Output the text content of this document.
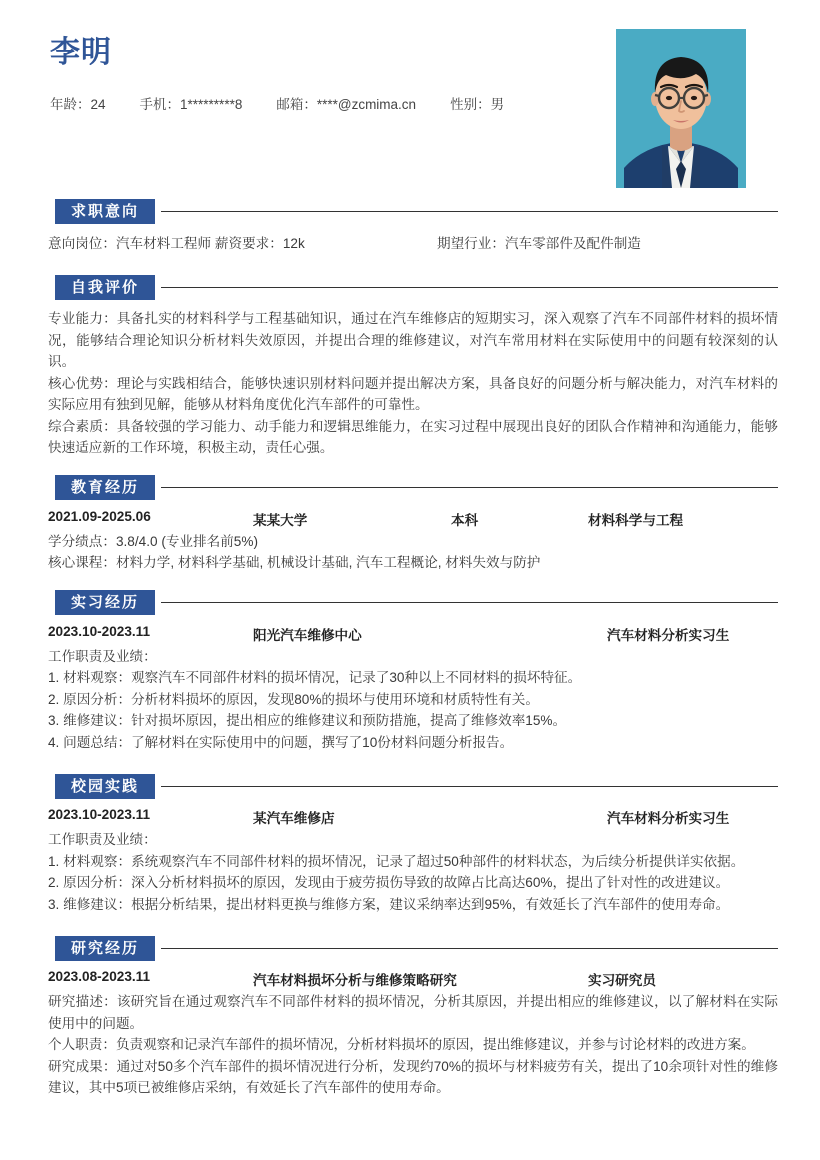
李明
年龄：24	手机：1*********8	邮箱：****@zcmima.cn	性别：男
求职意向
意向岗位：汽车材料工程师 薪资要求：12k	期望行业：汽车零部件及配件制造
自我评价

专业能力：具备扎实的材料科学与工程基础知识，通过在汽车维修店的短期实习，深入观察了汽车不同部件材料的损坏情况，能够结合理论知识分析材料失效原因，并提出合理的维修建议，对汽车常用材料在实际使用中的问题有较深刻的认识。

核心优势：理论与实践相结合，能够快速识别材料问题并提出解决方案，具备良好的问题分析与解决能力，对汽车材料的实际应用有独到见解，能够从材料角度优化汽车部件的可靠性。

综合素质：具备较强的学习能力、动手能力和逻辑思维能力，在实习过程中展现出良好的团队合作精神和沟通能力，能够快速适应新的工作环境，积极主动，责任心强。

教育经历
2021.09-2025.06	某某大学	本科	材料科学与工程

学分绩点：3.8/4.0 (专业排名前5%)

核心课程：材料力学, 材料科学基础, 机械设计基础, 汽车工程概论, 材料失效与防护

实习经历
2023.10-2023.11	阳光汽车维修中心	汽车材料分析实习生

工作职责及业绩：

1. 材料观察：观察汽车不同部件材料的损坏情况，记录了30种以上不同材料的损坏特征。

2. 原因分析：分析材料损坏的原因，发现80%的损坏与使用环境和材质特性有关。

3. 维修建议：针对损坏原因，提出相应的维修建议和预防措施，提高了维修效率15%。

4. 问题总结：了解材料在实际使用中的问题，撰写了10份材料问题分析报告。

校园实践
2023.10-2023.11	某汽车维修店	汽车材料分析实习生

工作职责及业绩：

1. 材料观察：系统观察汽车不同部件材料的损坏情况，记录了超过50种部件的材料状态，为后续分析提供详实依据。

2. 原因分析：深入分析材料损坏的原因，发现由于疲劳损伤导致的故障占比高达60%，提出了针对性的改进建议。

3. 维修建议：根据分析结果，提出材料更换与维修方案，建议采纳率达到95%，有效延长了汽车部件的使用寿命。

研究经历
2023.08-2023.11	汽车材料损坏分析与维修策略研究	实习研究员

研究描述：该研究旨在通过观察汽车不同部件材料的损坏情况，分析其原因，并提出相应的维修建议，以了解材料在实际使用中的问题。

个人职责：负责观察和记录汽车部件的损坏情况，分析材料损坏的原因，提出维修建议，并参与讨论材料的改进方案。

研究成果：通过对50多个汽车部件的损坏情况进行分析，发现约70%的损坏与材料疲劳有关，提出了10余项针对性的维修建议，其中5项已被维修店采纳，有效延长了汽车部件的使用寿命。
